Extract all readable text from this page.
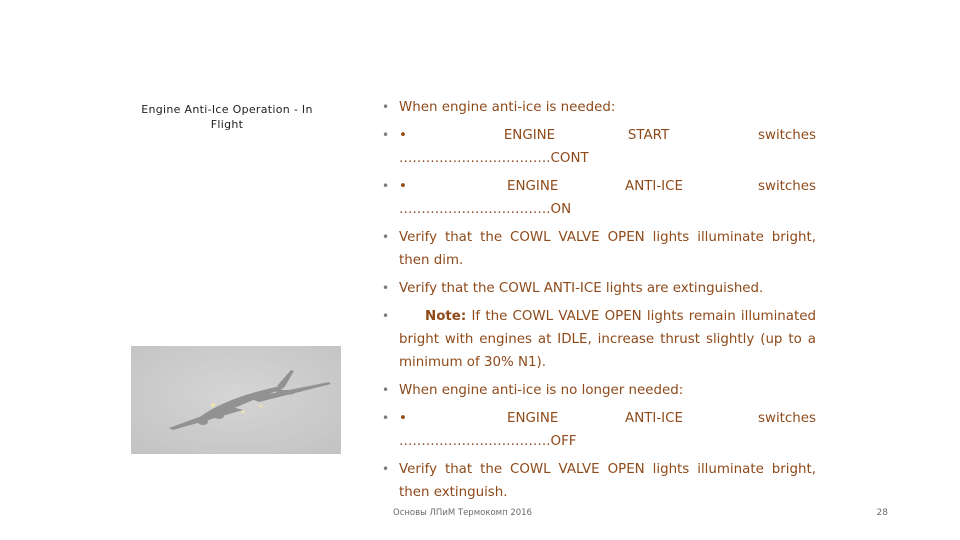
Engine Anti-Ice Operation - In Flight
• When engine anti-ice is needed:
• •            ENGINE         START           switches
…………………………….CONT
• •            ENGINE        ANTI-ICE         switches
…………………………….ON
• Verify that the COWL VALVE OPEN lights illuminate bright, then dim.
• Verify that the COWL ANTI-ICE lights are extinguished.
• Note: If the COWL VALVE OPEN lights remain illuminated bright with engines at IDLE, increase thrust slightly (up to a minimum of 30% N1).
• When engine anti-ice is no longer needed:
• •            ENGINE        ANTI-ICE         switches
…………………………….OFF
• Verify that the COWL VALVE OPEN lights illuminate bright, then extinguish.
Основы ЛПиМ Термокомп 2016	28
